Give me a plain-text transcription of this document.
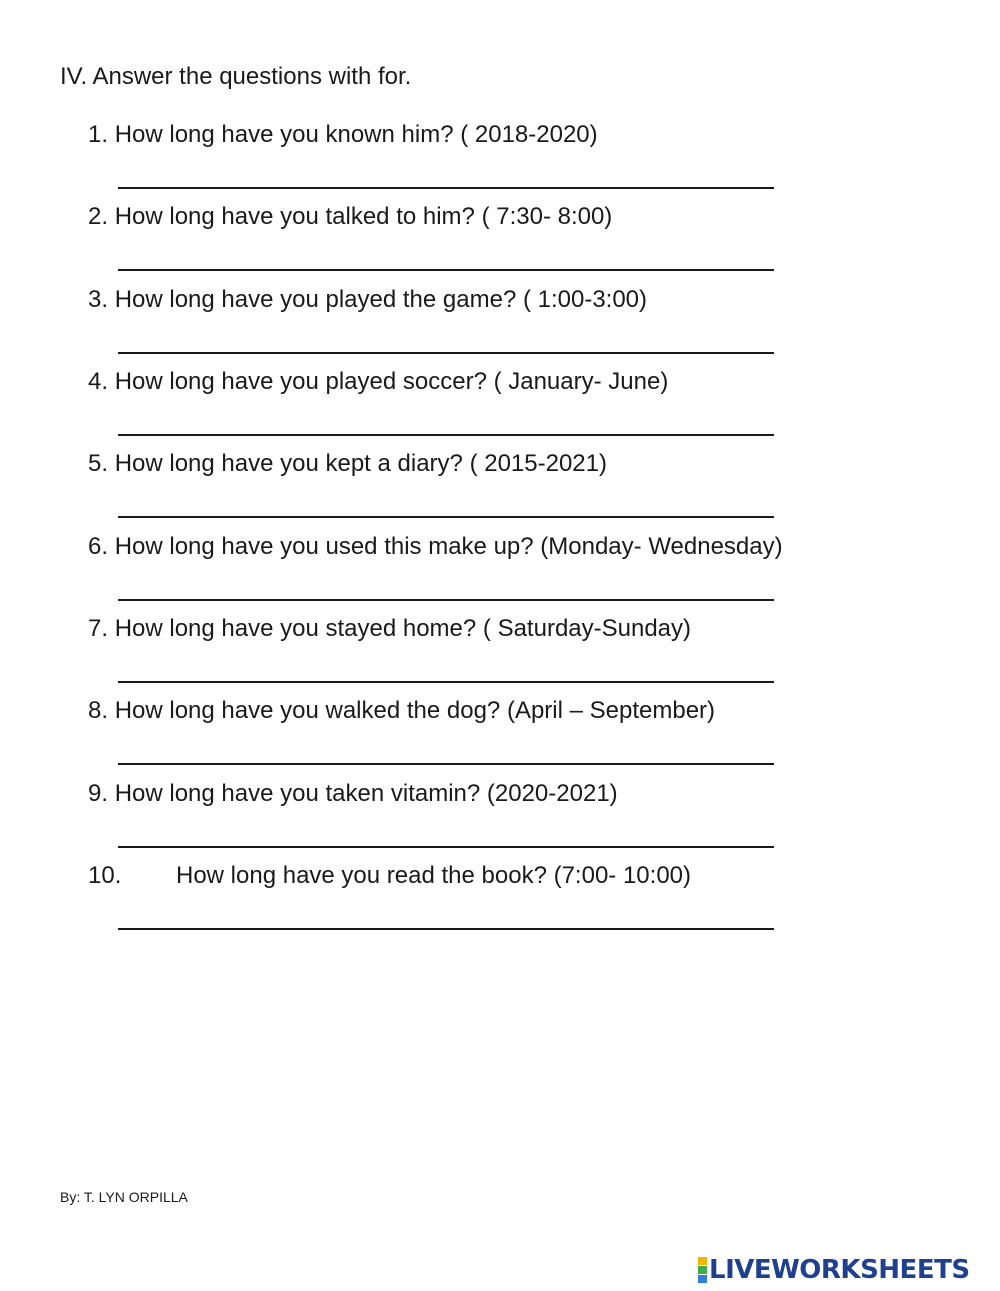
IV. Answer the questions with for.
1. How long have you known him? ( 2018-2020)
2. How long have you talked to him? ( 7:30- 8:00)
3. How long have you played the game? ( 1:00-3:00)
4. How long have you played soccer? ( January- June)
5. How long have you kept a diary? ( 2015-2021)
6. How long have you used this make up? (Monday- Wednesday)
7. How long have you stayed home? ( Saturday-Sunday)
8. How long have you walked the dog? (April – September)
9. How long have you taken vitamin? (2020-2021)
10. How long have you read the book? (7:00- 10:00)
By: T. LYN ORPILLA
LIVEWORKSHEETS
